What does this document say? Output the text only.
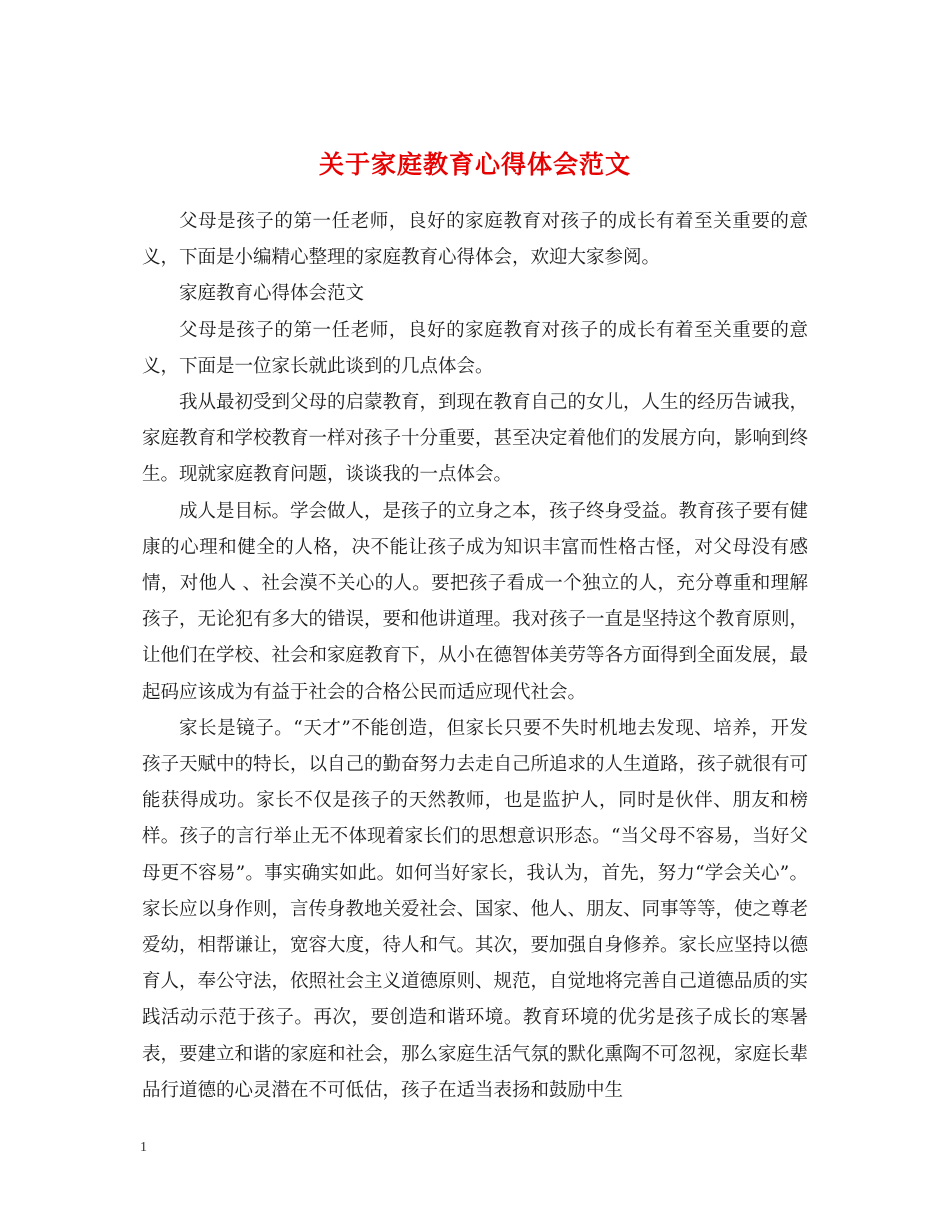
关于家庭教育心得体会范文

父母是孩子的第一任老师，良好的家庭教育对孩子的成长有着至关重要的意义，下面是小编精心整理的家庭教育心得体会，欢迎大家参阅。

家庭教育心得体会范文

父母是孩子的第一任老师，良好的家庭教育对孩子的成长有着至关重要的意义，下面是一位家长就此谈到的几点体会。

我从最初受到父母的启蒙教育，到现在教育自己的女儿，人生的经历告诫我，家庭教育和学校教育一样对孩子十分重要，甚至决定着他们的发展方向，影响到终生。现就家庭教育问题，谈谈我的一点体会。

成人是目标。学会做人，是孩子的立身之本，孩子终身受益。教育孩子要有健康的心理和健全的人格，决不能让孩子成为知识丰富而性格古怪，对父母没有感情，对他人 、社会漠不关心的人。要把孩子看成一个独立的人，充分尊重和理解孩子，无论犯有多大的错误，要和他讲道理。我对孩子一直是坚持这个教育原则，让他们在学校、社会和家庭教育下，从小在德智体美劳等各方面得到全面发展，最起码应该成为有益于社会的合格公民而适应现代社会。

家长是镜子。“天才”不能创造，但家长只要不失时机地去发现、培养，开发孩子天赋中的特长，以自己的勤奋努力去走自己所追求的人生道路，孩子就很有可能获得成功。家长不仅是孩子的天然教师，也是监护人，同时是伙伴、朋友和榜样。孩子的言行举止无不体现着家长们的思想意识形态。“当父母不容易，当好父母更不容易”。事实确实如此。如何当好家长，我认为，首先，努力“学会关心”。家长应以身作则，言传身教地关爱社会、国家、他人、朋友、同事等等，使之尊老爱幼，相帮谦让，宽容大度，待人和气。其次，要加强自身修养。家长应坚持以德育人，奉公守法，依照社会主义道德原则、规范，自觉地将完善自己道德品质的实践活动示范于孩子。再次，要创造和谐环境。教育环境的优劣是孩子成长的寒暑表，要建立和谐的家庭和社会，那么家庭生活气氛的默化熏陶不可忽视，家庭长辈品行道德的心灵潜在不可低估，孩子在适当表扬和鼓励中生

1
